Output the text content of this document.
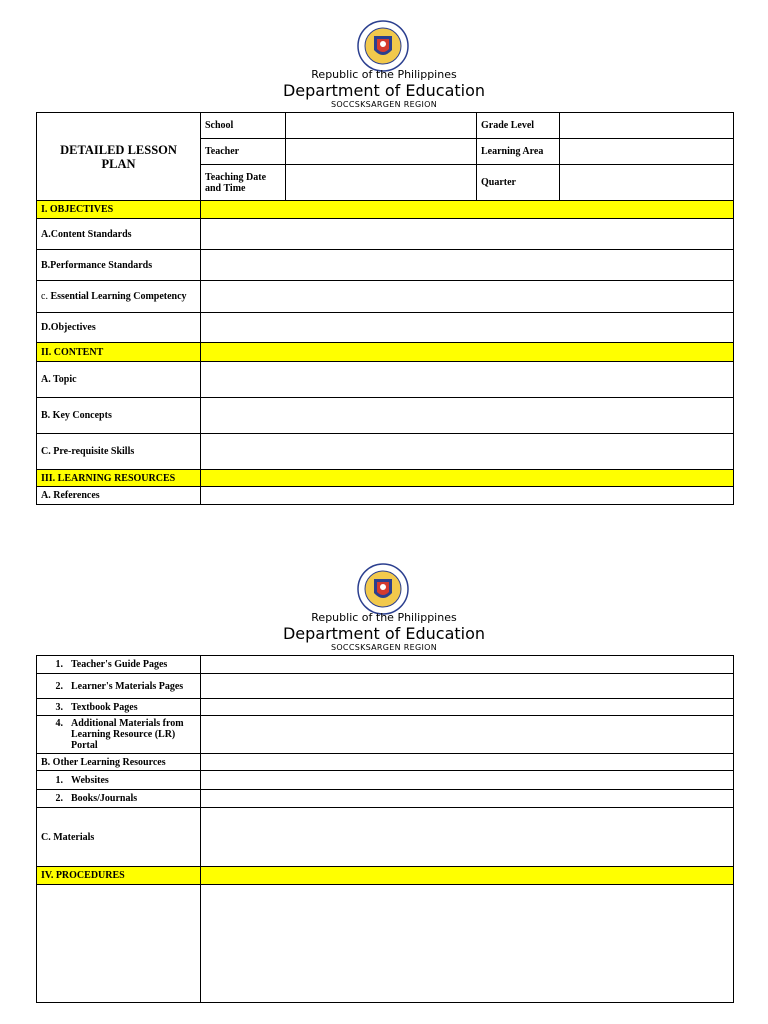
Republic of the Philippines
Department of Education
SOCCSKSARGEN REGION
DETAILED LESSON PLAN	School		Grade Level	
	Teacher		Learning Area	
	Teaching Date and Time		Quarter	
I. OBJECTIVES				
A.Content Standards				
B.Performance Standards				
c. Essential Learning Competency				
D.Objectives				
II. CONTENT				
A. Topic				
B. Key Concepts				
C. Pre-requisite Skills				
III. LEARNING RESOURCES				
A. References				
Republic of the Philippines
Department of Education
SOCCSKSARGEN REGION
1. Teacher's Guide Pages	
2. Learner's Materials Pages	
3. Textbook Pages	
4. Additional Materials from Learning Resource (LR) Portal	
B. Other Learning Resources	
1. Websites	
2. Books/Journals	
C. Materials	
IV. PROCEDURES	
